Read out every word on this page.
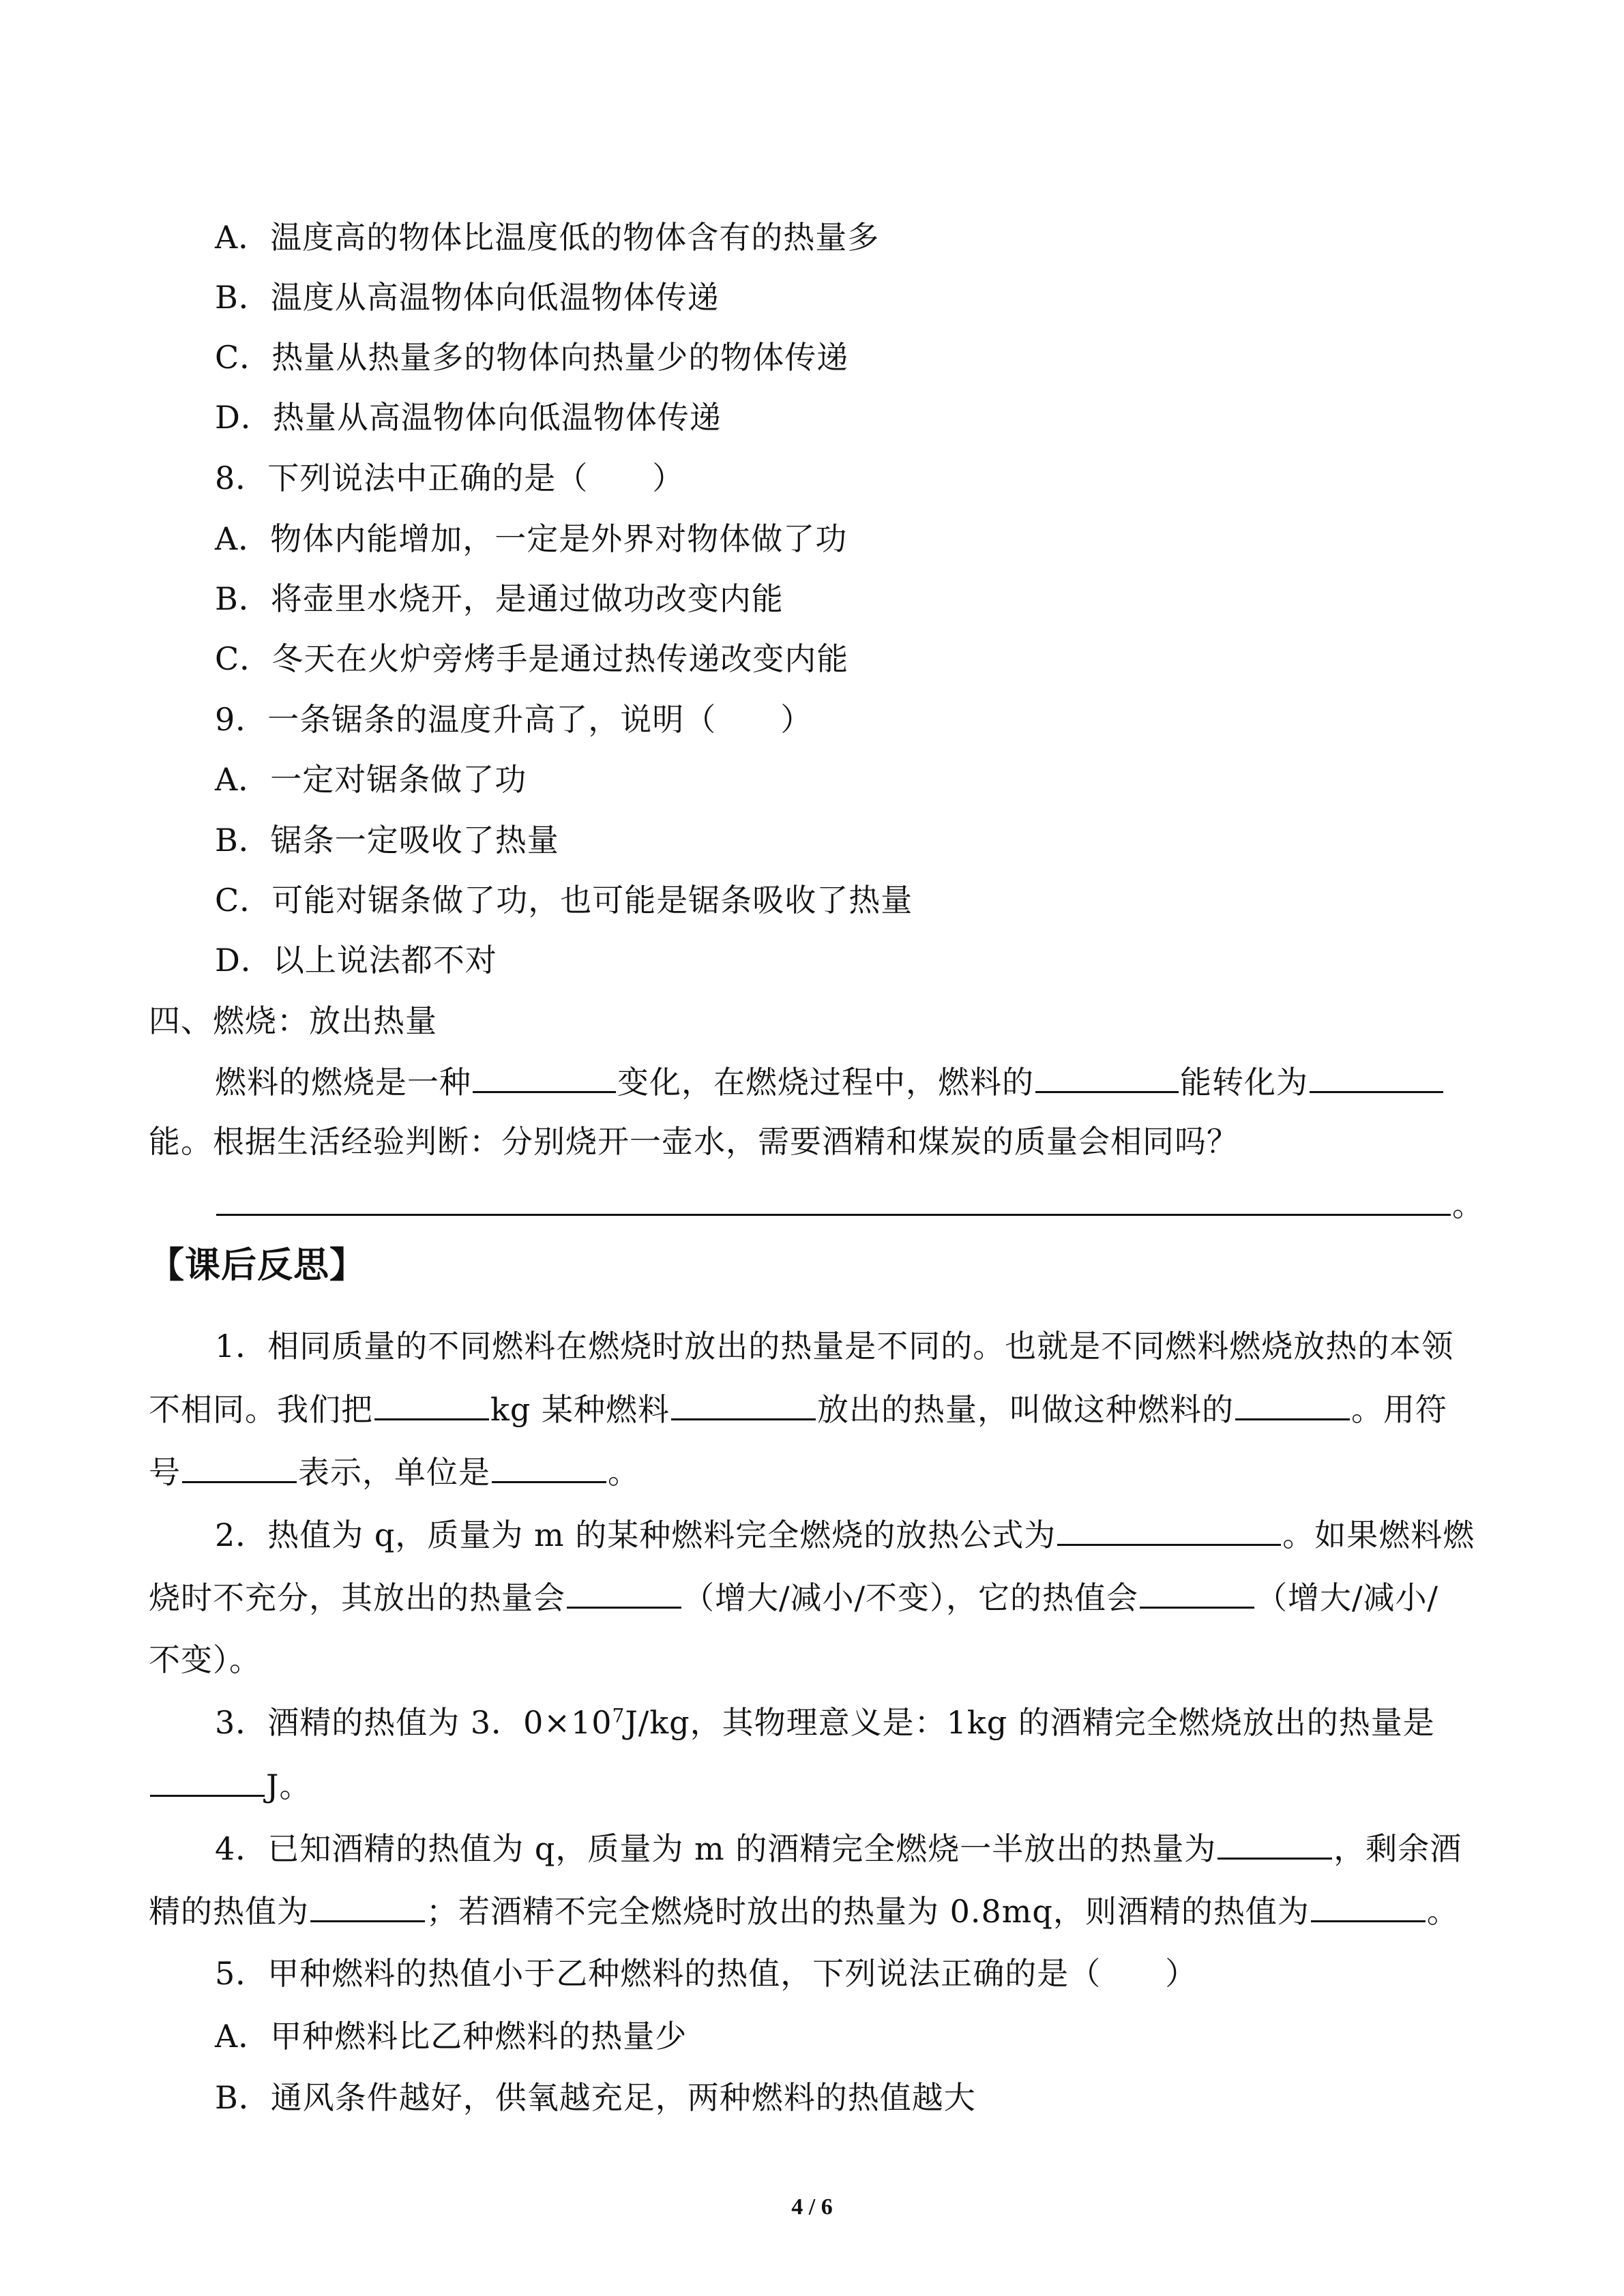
A．温度高的物体比温度低的物体含有的热量多
B．温度从高温物体向低温物体传递
C．热量从热量多的物体向热量少的物体传递
D．热量从高温物体向低温物体传递
8．下列说法中正确的是（　　）
A．物体内能增加，一定是外界对物体做了功
B．将壶里水烧开，是通过做功改变内能
C．冬天在火炉旁烤手是通过热传递改变内能
9．一条锯条的温度升高了，说明（　　）
A．一定对锯条做了功
B．锯条一定吸收了热量
C．可能对锯条做了功，也可能是锯条吸收了热量
D．以上说法都不对
四、燃烧：放出热量
燃料的燃烧是一种	变化，在燃烧过程中，燃料的	能转化为
能。根据生活经验判断：分别烧开一壶水，需要酒精和煤炭的质量会相同吗？
。
【课后反思】
1．相同质量的不同燃料在燃烧时放出的热量是不同的。也就是不同燃料燃烧放热的本领
不相同。我们把	kg 某种燃料	放出的热量，叫做这种燃料的	。用符
号	表示，单位是	。
2．热值为 q，质量为 m 的某种燃料完全燃烧的放热公式为	。如果燃料燃
烧时不充分，其放出的热量会	（增大/减小/不变），它的热值会	（增大/减小/
不变）。
3．酒精的热值为 3．$0\times 10^7J/kg$，其物理意义是：1kg 的酒精完全燃烧放出的热量是
J。
4．已知酒精的热值为 q，质量为 m 的酒精完全燃烧一半放出的热量为	，剩余酒
精的热值为	；若酒精不完全燃烧时放出的热量为 0.8mq，则酒精的热值为	。
5．甲种燃料的热值小于乙种燃料的热值，下列说法正确的是（　　）
A．甲种燃料比乙种燃料的热量少
B．通风条件越好，供氧越充足，两种燃料的热值越大
4 / 6
